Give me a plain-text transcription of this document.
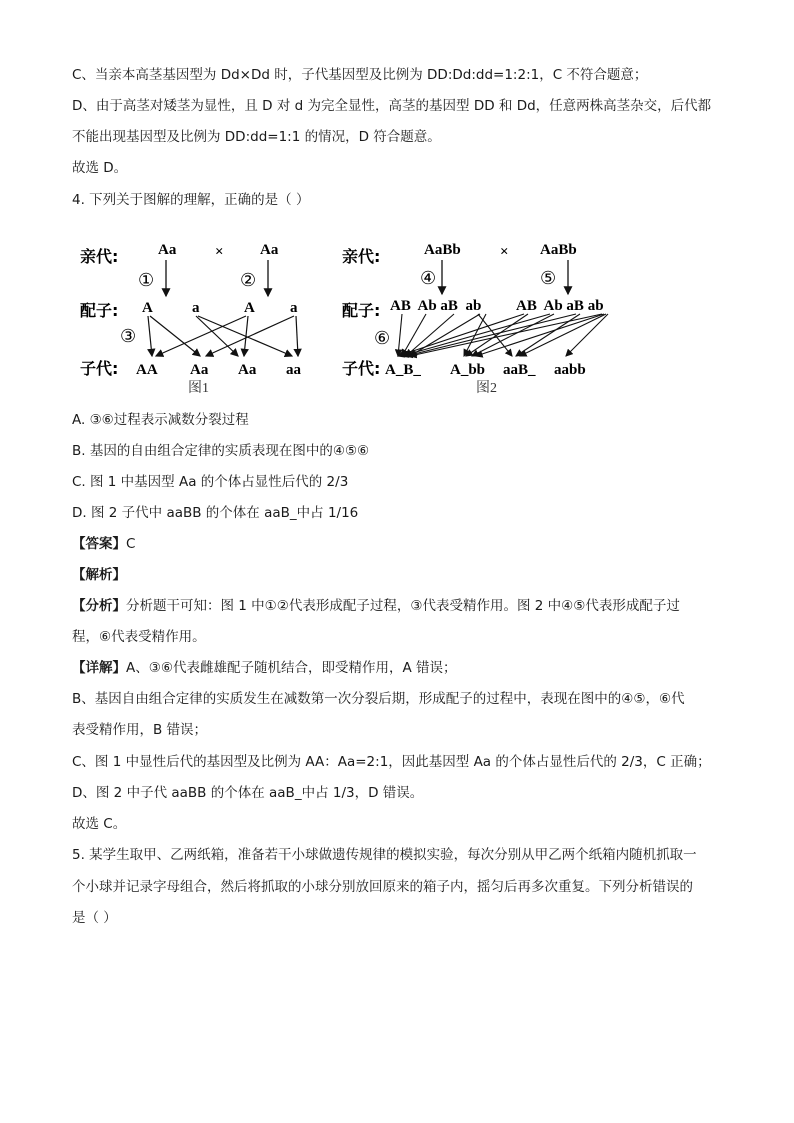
C、当亲本高茎基因型为 Dd×Dd 时，子代基因型及比例为 DD:Dd:dd=1:2:1，C 不符合题意；
D、由于高茎对矮茎为显性，且 D 对 d 为完全显性，高茎的基因型 DD 和 Dd，任意两株高茎杂交，后代都
不能出现基因型及比例为 DD:dd=1:1 的情况，D 符合题意。
故选 D。
4. 下列关于图解的理解，正确的是（ ）
亲代:	Aa	× Aa
①	②
配子: A	a	A a
③
子代: AA Aa Aa aa
图1
亲代:	AaBb	× AaBb
④	⑤
配子: AB  Ab aB  ab AB  Ab aB ab
⑥
子代: A_B_ A_bb aaB_ aabb
图2
A. ③⑥过程表示减数分裂过程
B. 基因的自由组合定律的实质表现在图中的④⑤⑥
C. 图 1 中基因型 Aa 的个体占显性后代的 2/3
D. 图 2 子代中 aaBB 的个体在 aaB_中占 1/16
【答案】C
【解析】
【分析】分析题干可知：图 1 中①②代表形成配子过程，③代表受精作用。图 2 中④⑤代表形成配子过
程，⑥代表受精作用。
【详解】A、③⑥代表雌雄配子随机结合，即受精作用，A 错误；
B、基因自由组合定律的实质发生在减数第一次分裂后期，形成配子的过程中，表现在图中的④⑤，⑥代
表受精作用，B 错误；
C、图 1 中显性后代的基因型及比例为 AA：Aa=2:1，因此基因型 Aa 的个体占显性后代的 2/3，C 正确；
D、图 2 中子代 aaBB 的个体在 aaB_中占 1/3，D 错误。
故选 C。
5. 某学生取甲、乙两纸箱，准备若干小球做遗传规律的模拟实验，每次分别从甲乙两个纸箱内随机抓取一
个小球并记录字母组合，然后将抓取的小球分别放回原来的箱子内，摇匀后再多次重复。下列分析错误的
是（ ）
